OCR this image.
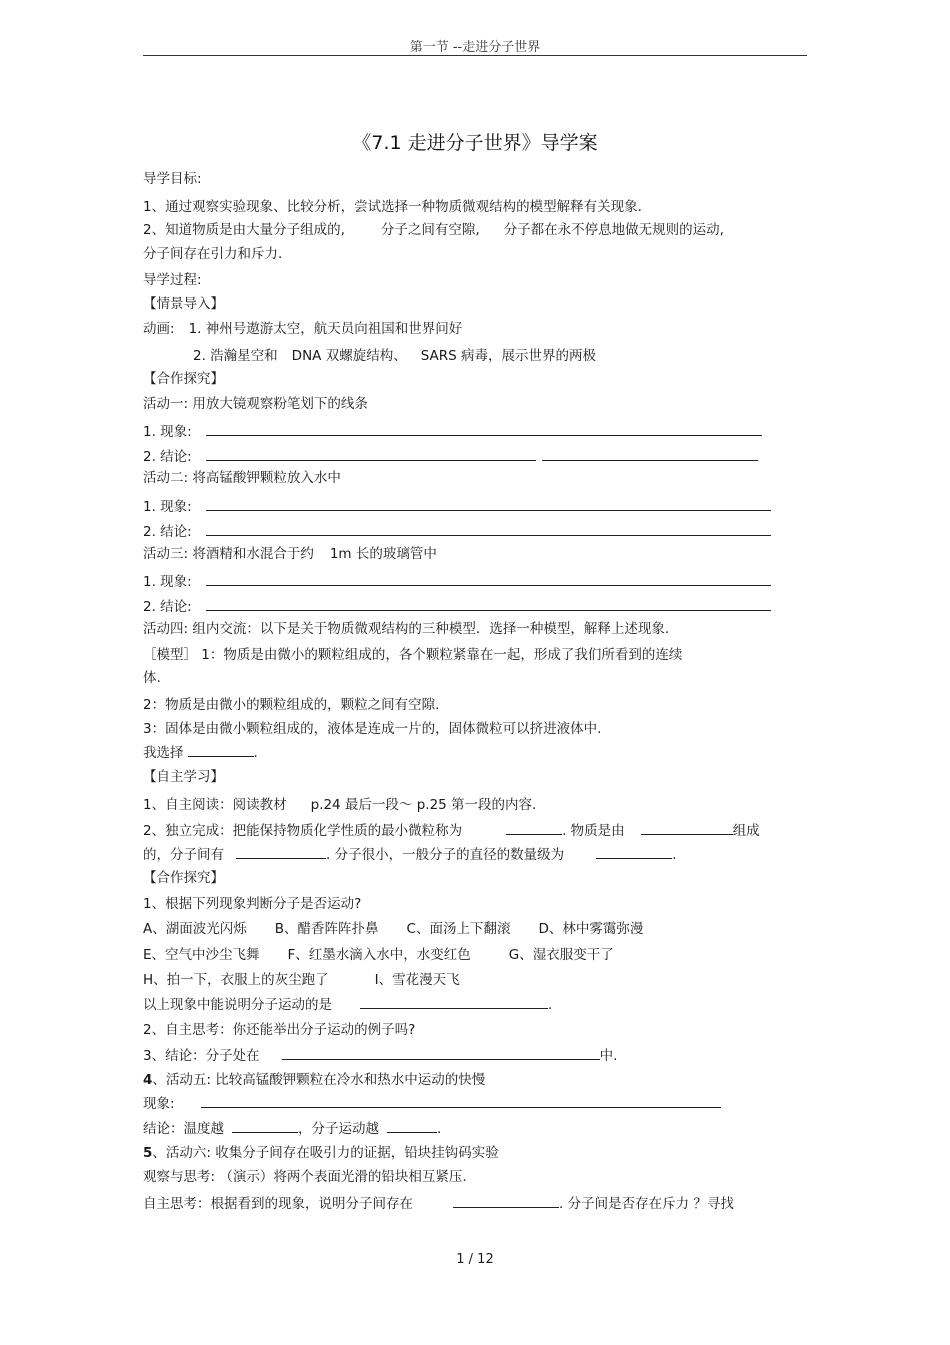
第一节 --走进分子世界
《7.1 走进分子世界》导学案
导学目标:
1、通过观察实验现象、比较分析，尝试选择一种物质微观结构的模型解释有关现象.
2、知道物质是由大量分子组成的,	分子之间有空隙, 分子都在永不停息地做无规则的运动,
分子间存在引力和斥力.
导学过程:
【情景导入】
动画: 1. 神州号遨游太空，航天员向祖国和世界问好
2. 浩瀚星空和 DNA 双螺旋结构、 SARS 病毒，展示世界的两极
【合作探究】
活动一: 用放大镜观察粉笔划下的线条
1. 现象:
2. 结论:
活动二: 将高锰酸钾颗粒放入水中
1. 现象:
2. 结论:
活动三: 将酒精和水混合于约 1m 长的玻璃管中
1. 现象:
2. 结论:
活动四: 组内交流：以下是关于物质微观结构的三种模型．选择一种模型，解释上述现象.
［模型］ 1：物质是由微小的颗粒组成的，各个颗粒紧靠在一起，形成了我们所看到的连续
体.
2：物质是由微小的颗粒组成的，颗粒之间有空隙.
3：固体是由微小颗粒组成的，液体是连成一片的，固体微粒可以挤进液体中.
我选择	.
【自主学习】
1、自主阅读：阅读教材 p.24 最后一段～ p.25 第一段的内容.
2、独立完成：把能保持物质化学性质的最小微粒称为	. 物质是由	组成
的，分子间有	. 分子很小，一般分子的直径的数量级为	.
【合作探究】
1、根据下列现象判断分子是否运动?
A、湖面波光闪烁 B、醋香阵阵扑鼻 C、面汤上下翻滚 D、林中雾霭弥漫
E、空气中沙尘飞舞 F、红墨水滴入水中，水变红色	G、湿衣服变干了
H、拍一下，衣服上的灰尘跑了	I、雪花漫天飞
以上现象中能说明分子运动的是	.
2、自主思考：你还能举出分子运动的例子吗?
3、结论：分子处在	中.
4、活动五: 比较高锰酸钾颗粒在冷水和热水中运动的快慢
现象:
结论：温度越	，分子运动越	.
5、活动六: 收集分子间存在吸引力的证据，铅块挂钩码实验
观察与思考: （演示）将两个表面光滑的铅块相互紧压.
自主思考：根据看到的现象，说明分子间存在	. 分子间是否存在斥力 ？寻找
1 / 12
